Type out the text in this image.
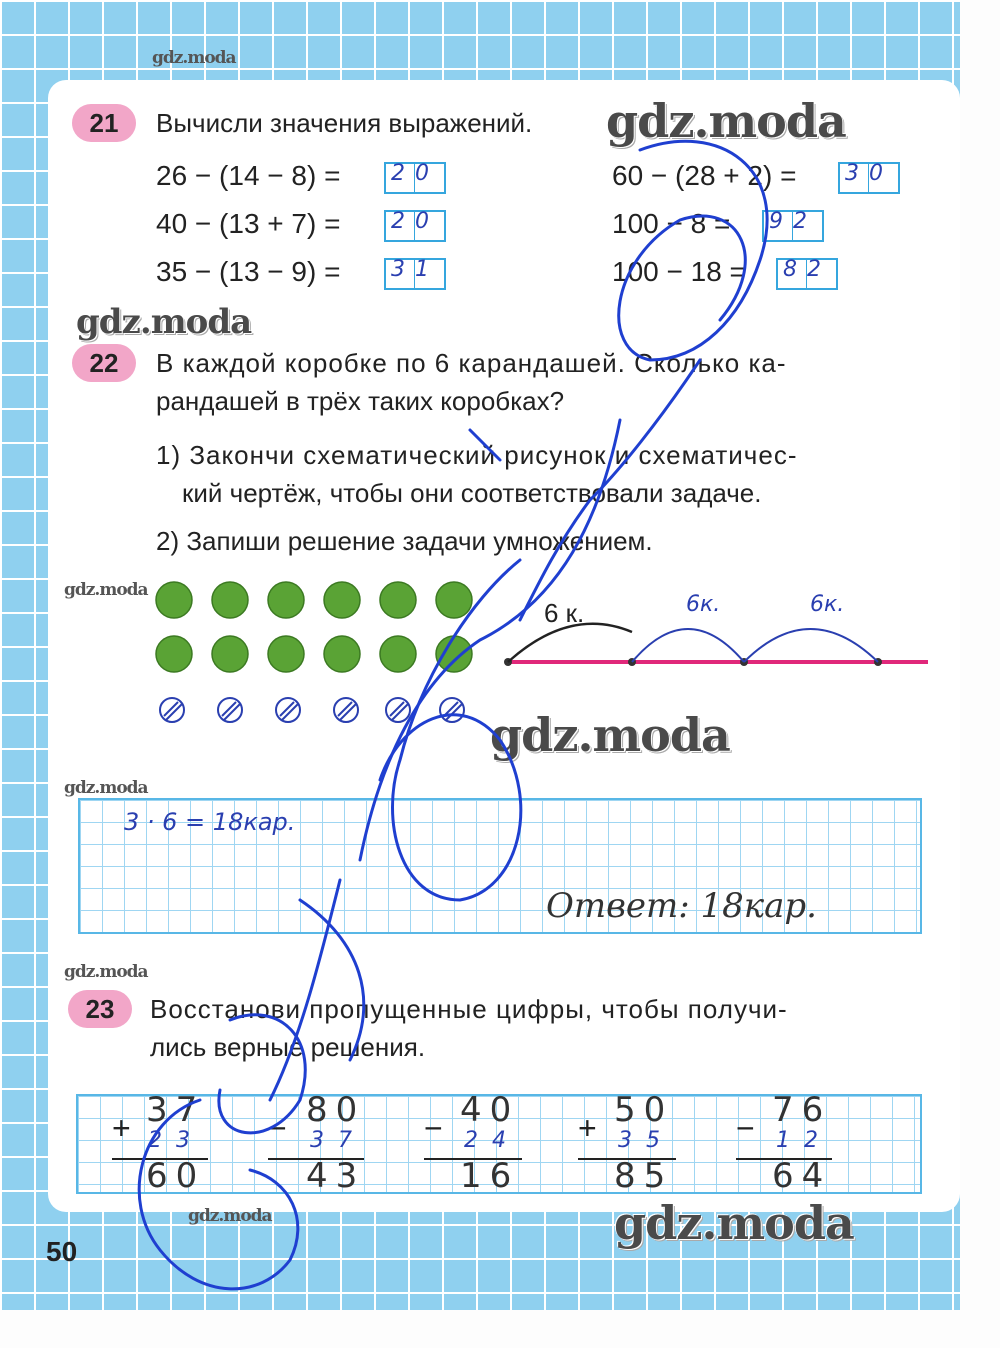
gdz.moda
21	Вычисли значения выражений. gdz.moda
26 − (14 − 8) = 20
40 − (13 + 7) = 20
35 − (13 − 9) = 31
60 − (28 + 2) = 30
100 − 8 = 92
100 − 18 = 82
gdz.moda
22	В каждой коробке по 6 карандашей. Сколько ка-
рандашей в трёх таких коробках?
1) Закончи схематический рисунок и схематичес-
кий чертёж, чтобы они соответствовали задаче.
2) Запиши решение задачи умножением.
gdz.moda
6 к.	6к.	6к.
gdz.moda
gdz.moda
3 · 6 = 18кар.
Ответ: 18кар.
gdz.moda
23	Восстанови пропущенные цифры, чтобы получи-
лись верные решения.
+ 37
23
60
− 80
37
43
− 40
24
16
+ 50
35
85
− 76
12
64
gdz.moda	gdz.moda
50
